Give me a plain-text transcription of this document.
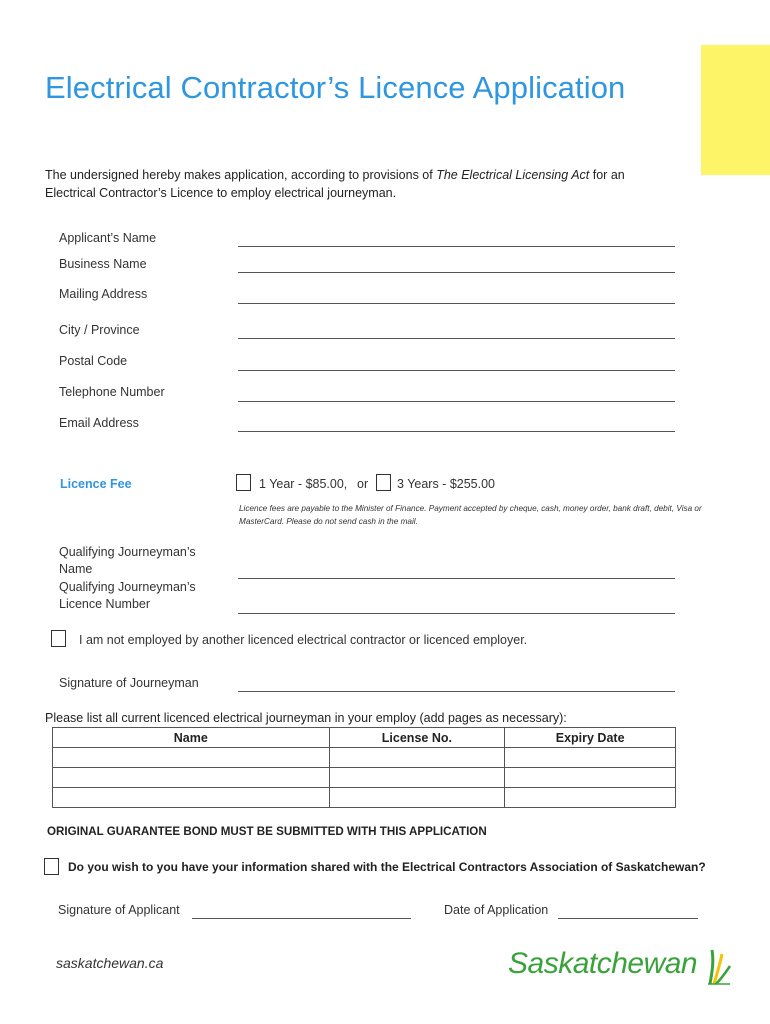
Electrical Contractor’s Licence Application
The undersigned hereby makes application, according to provisions of The Electrical Licensing Act for an Electrical Contractor’s Licence to employ electrical journeyman.
Applicant’s Name
Business Name
Mailing Address
City / Province
Postal Code
Telephone Number
Email Address
Licence Fee	1 Year - $85.00, or 3 Years - $255.00
Licence fees are payable to the Minister of Finance. Payment accepted by cheque, cash, money order, bank draft, debit, Visa or MasterCard. Please do not send cash in the mail.
Qualifying Journeyman’s
Name
Qualifying Journeyman’s
Licence Number
I am not employed by another licenced electrical contractor or licenced employer.
Signature of Journeyman
Please list all current licenced electrical journeyman in your employ (add pages as necessary):
Name	License No.	Expiry Date

ORIGINAL GUARANTEE BOND MUST BE SUBMITTED WITH THIS APPLICATION
Do you wish to you have your information shared with the Electrical Contractors Association of Saskatchewan?
Signature of Applicant	Date of Application
saskatchewan.ca	Saskatchewan
